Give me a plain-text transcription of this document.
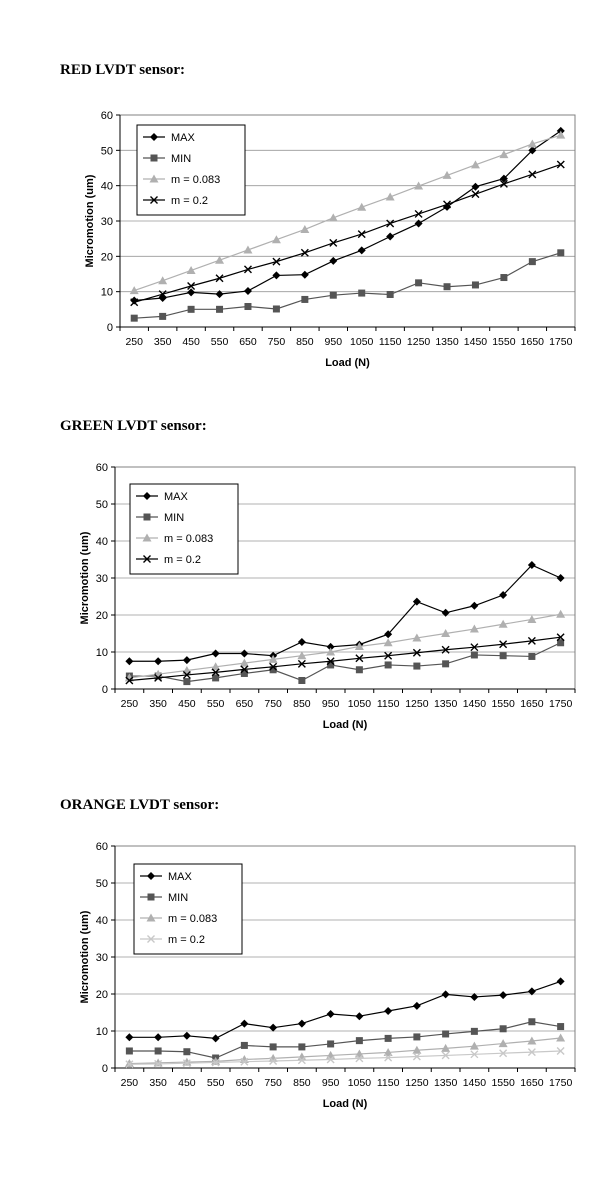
RED LVDT sensor:
0
10
20
30
40
50
60
250 350 450 550 650 750 850 950 1050 1150 1250 1350 1450 1550 1650 1750
Load (N)
Micromotion (um)
MAX
MIN
m = 0.083
m = 0.2
GREEN LVDT sensor:
0
10
20
30
40
50
60
250 350 450 550 650 750 850 950 1050 1150 1250 1350 1450 1550 1650 1750
Load (N)
Micromotion (um)
MAX
MIN
m = 0.083
m = 0.2
ORANGE LVDT sensor:
0
10
20
30
40
50
60
250 350 450 550 650 750 850 950 1050 1150 1250 1350 1450 1550 1650 1750
Load (N)
Micromotion (um)
MAX
MIN
m = 0.083
m = 0.2
